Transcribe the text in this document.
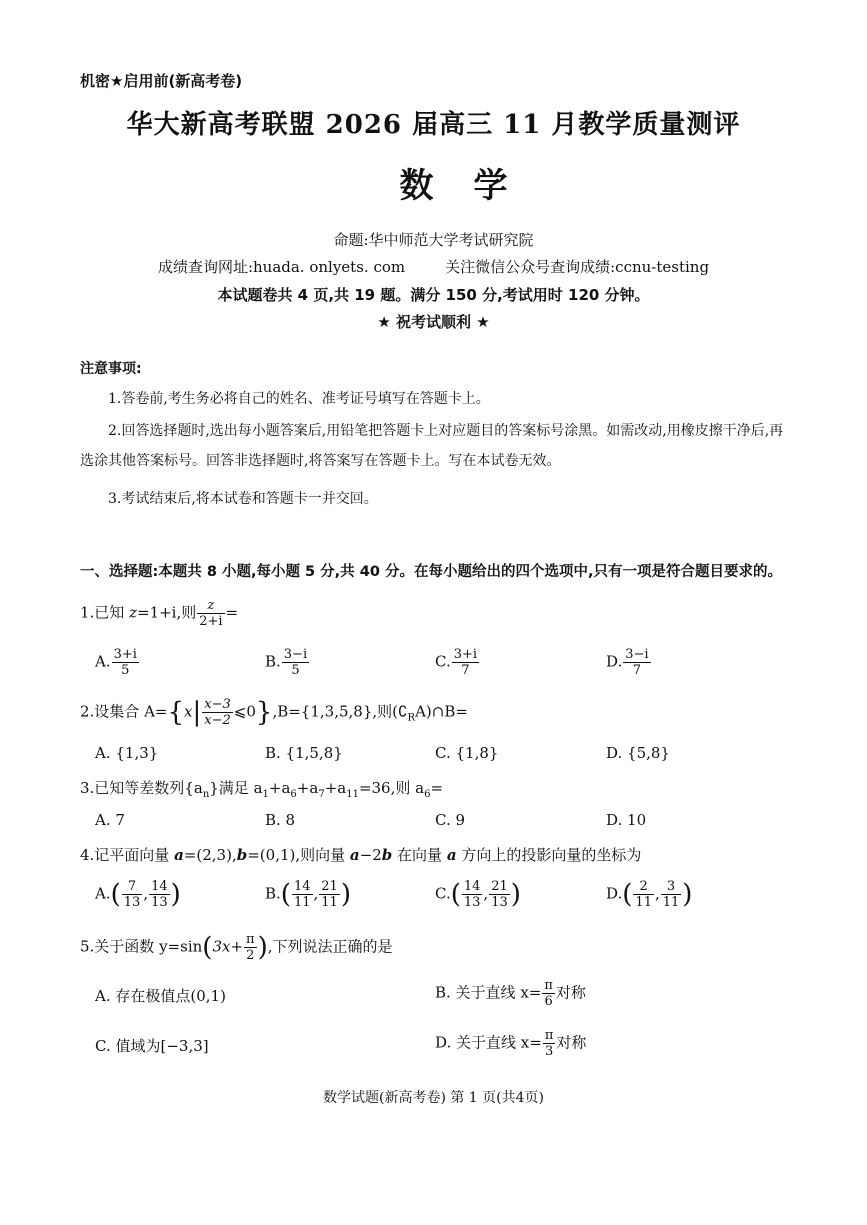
机密★启用前(新高考卷)
华大新高考联盟 2026 届高三 11 月教学质量测评
数学
命题:华中师范大学考试研究院
成绩查询网址:huada. onlyets. com	关注微信公众号查询成绩:ccnu-testing
本试题卷共 4 页,共 19 题。满分 150 分,考试用时 120 分钟。
★ 祝考试顺利 ★
注意事项:
1.答卷前,考生务必将自己的姓名、准考证号填写在答题卡上。
2.回答选择题时,选出每小题答案后,用铅笔把答题卡上对应题目的答案标号涂黑。如需改动,用橡皮擦干净后,再选涂其他答案标号。回答非选择题时,将答案写在答题卡上。写在本试卷无效。
3.考试结束后,将本试卷和答题卡一并交回。
一、选择题:本题共 8 小题,每小题 5 分,共 40 分。在每小题给出的四个选项中,只有一项是符合题目要求的。
1.已知 z=1+i,则 $\frac{z}{2+i}$ =
A. $\frac{3+i}{5}$	B. $\frac{3-i}{5}$	C. $\frac{3+i}{7}$	D. $\frac{3-i}{7}$
2.设集合 $A=\{x| \frac{x-3}{x-2}$ ⩽0},B={1,3,5,8},则$(∁_RA)\cap B=$
A. {1,3}	B. {1,5,8}	C. {1,8}	D. {5,8}
3.已知等差数列$\{a_n\}$满足 $a_1+a_6+a_7+a_{11}=36$,则 $a_6=$
A. 7	B. 8	C. 9	D. 10
4.记平面向量 a=(2,3),b=(0,1),则向量 a−2b 在向量 a 方向上的投影向量的坐标为
$A.( \frac{7}{13}$ , $\frac{14}{13}$ )	$B.( \frac{14}{11}$ , $\frac{21}{11}$ )	$C.( \frac{14}{13}$ , $\frac{21}{13}$ )	$D.( \frac{2}{11}$ , $\frac{3}{11}$ )
5.关于函数 $y=\sin(3x+ \frac{\pi}{2}$ ),下列说法正确的是
A. 存在极值点(0,1)	B. 关于直线 $x= \frac{\pi}{6}$ 对称
C. 值域为[−3,3]	D. 关于直线 $x= \frac{\pi}{3}$ 对称
数学试题(新高考卷) 第 1 页(共4页)
